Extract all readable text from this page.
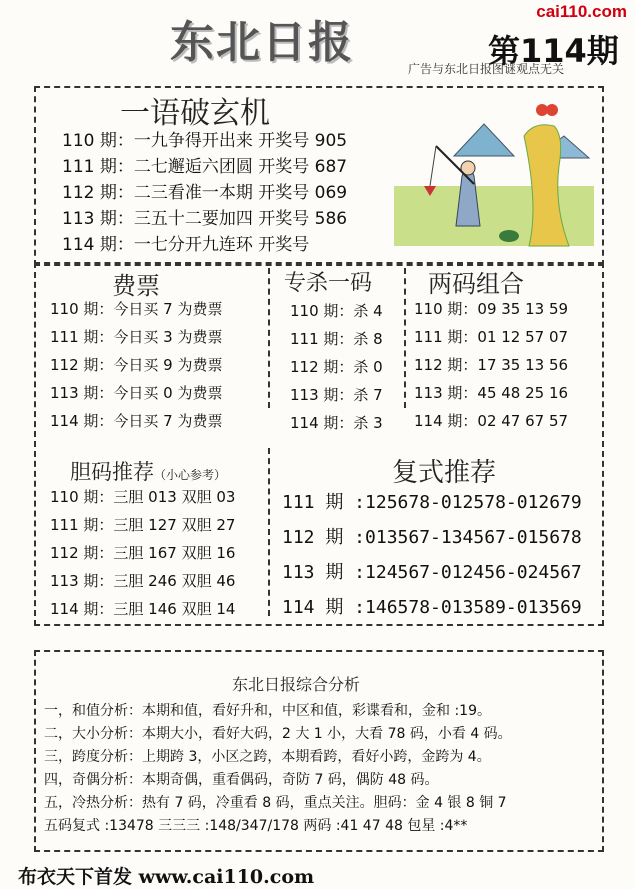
东北日报
cai110.com
第114期
广告与东北日报图谜观点无关
一语破玄机
110 期：一九争得开出来 开奖号 905
111 期：二七邂逅六团圆 开奖号 687
112 期：二三看准一本期 开奖号 069
113 期：三五十二要加四 开奖号 586
114 期：一七分开九连环 开奖号
费票
110 期：今日买 7 为费票
111 期：今日买 3 为费票
112 期：今日买 9 为费票
113 期：今日买 0 为费票
114 期：今日买 7 为费票
专杀一码
110 期：杀 4
111 期：杀 8
112 期：杀 0
113 期：杀 7
114 期：杀 3
两码组合
110 期：09 35 13 59
111 期：01 12 57 07
112 期：17 35 13 56
113 期：45 48 25 16
114 期：02 47 67 57
胆码推荐（小心参考）
110 期：三胆 013 双胆 03
111 期：三胆 127 双胆 27
112 期：三胆 167 双胆 16
113 期：三胆 246 双胆 46
114 期：三胆 146 双胆 14
复式推荐
111 期 :125678-012578-012679
112 期 :013567-134567-015678
113 期 :124567-012456-024567
114 期 :146578-013589-013569
东北日报综合分析
一，和值分析：本期和值，看好升和，中区和值，彩谍看和，金和 :19。
二，大小分析：本期大小，看好大码，2 大 1 小，大看 78 码，小看 4 码。
三，跨度分析：上期跨 3，小区之跨，本期看跨，看好小跨，金跨为 4。
四，奇偶分析：本期奇偶，重看偶码，奇防 7 码，偶防 48 码。
五，冷热分析：热有 7 码，冷重看 8 码，重点关注。胆码：金 4 银 8 铜 7
五码复式 :13478 三三三 :148/347/178 两码 :41 47 48 包星 :4**
布衣天下首发 www.cai110.com
